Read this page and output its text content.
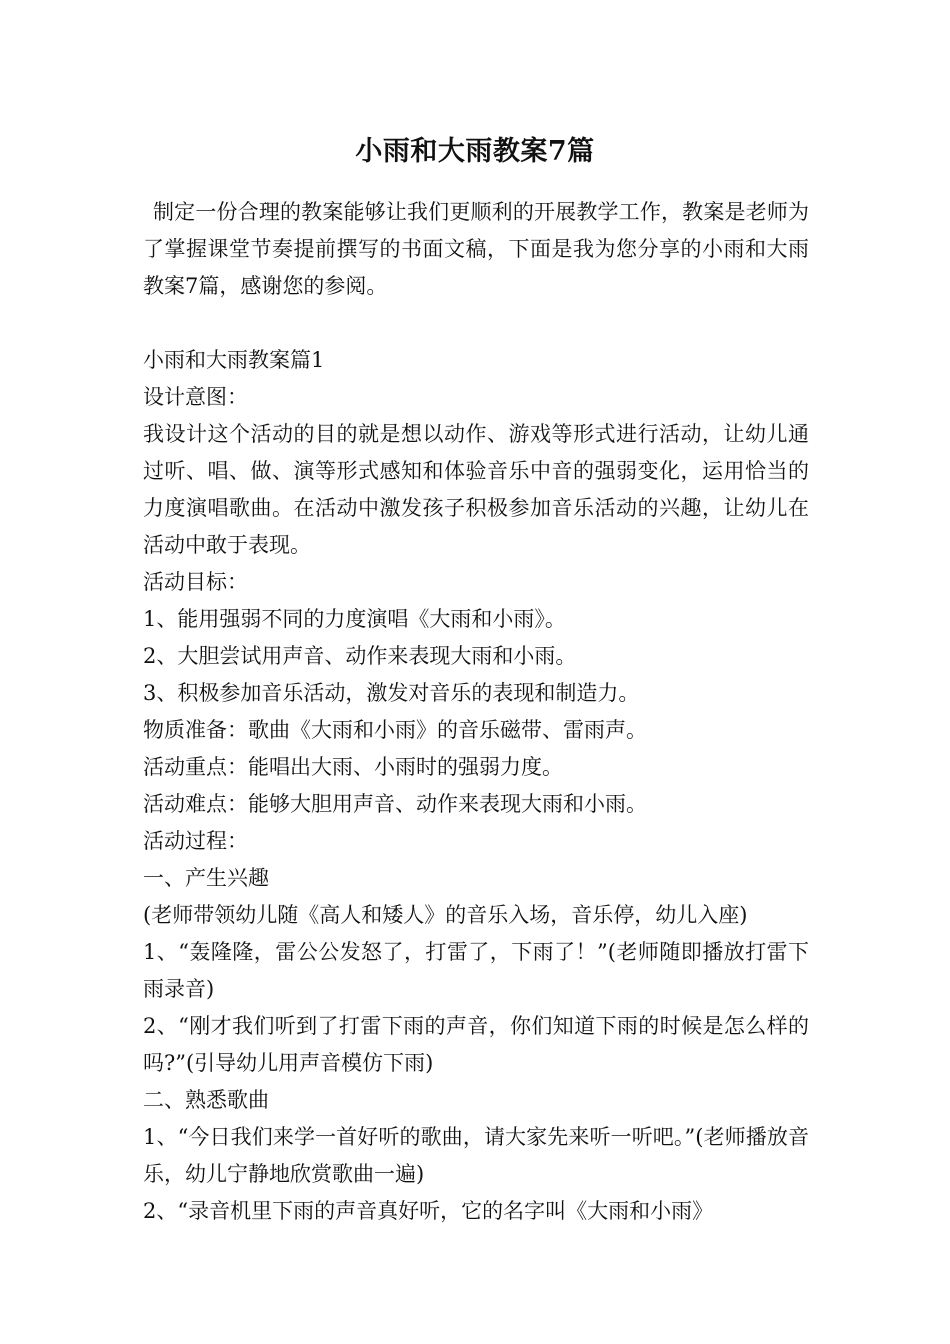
小雨和大雨教案7篇
制定一份合理的教案能够让我们更顺利的开展教学工作，教案是老师为了掌握课堂节奏提前撰写的书面文稿，下面是我为您分享的小雨和大雨教案7篇，感谢您的参阅。

小雨和大雨教案篇1

设计意图：

我设计这个活动的目的就是想以动作、游戏等形式进行活动，让幼儿通过听、唱、做、演等形式感知和体验音乐中音的强弱变化，运用恰当的力度演唱歌曲。在活动中激发孩子积极参加音乐活动的兴趣，让幼儿在活动中敢于表现。

活动目标：

1、能用强弱不同的力度演唱《大雨和小雨》。

2、大胆尝试用声音、动作来表现大雨和小雨。

3、积极参加音乐活动，激发对音乐的表现和制造力。

物质准备：歌曲《大雨和小雨》的音乐磁带、雷雨声。

活动重点：能唱出大雨、小雨时的强弱力度。

活动难点：能够大胆用声音、动作来表现大雨和小雨。

活动过程：

一、产生兴趣

(老师带领幼儿随《高人和矮人》的音乐入场，音乐停，幼儿入座)

1、“轰隆隆，雷公公发怒了，打雷了，下雨了！”(老师随即播放打雷下雨录音)

2、“刚才我们听到了打雷下雨的声音，你们知道下雨的时候是怎么样的吗?”(引导幼儿用声音模仿下雨)

二、熟悉歌曲

1、“今日我们来学一首好听的歌曲，请大家先来听一听吧。”(老师播放音乐，幼儿宁静地欣赏歌曲一遍)

2、“录音机里下雨的声音真好听，它的名字叫《大雨和小雨》
